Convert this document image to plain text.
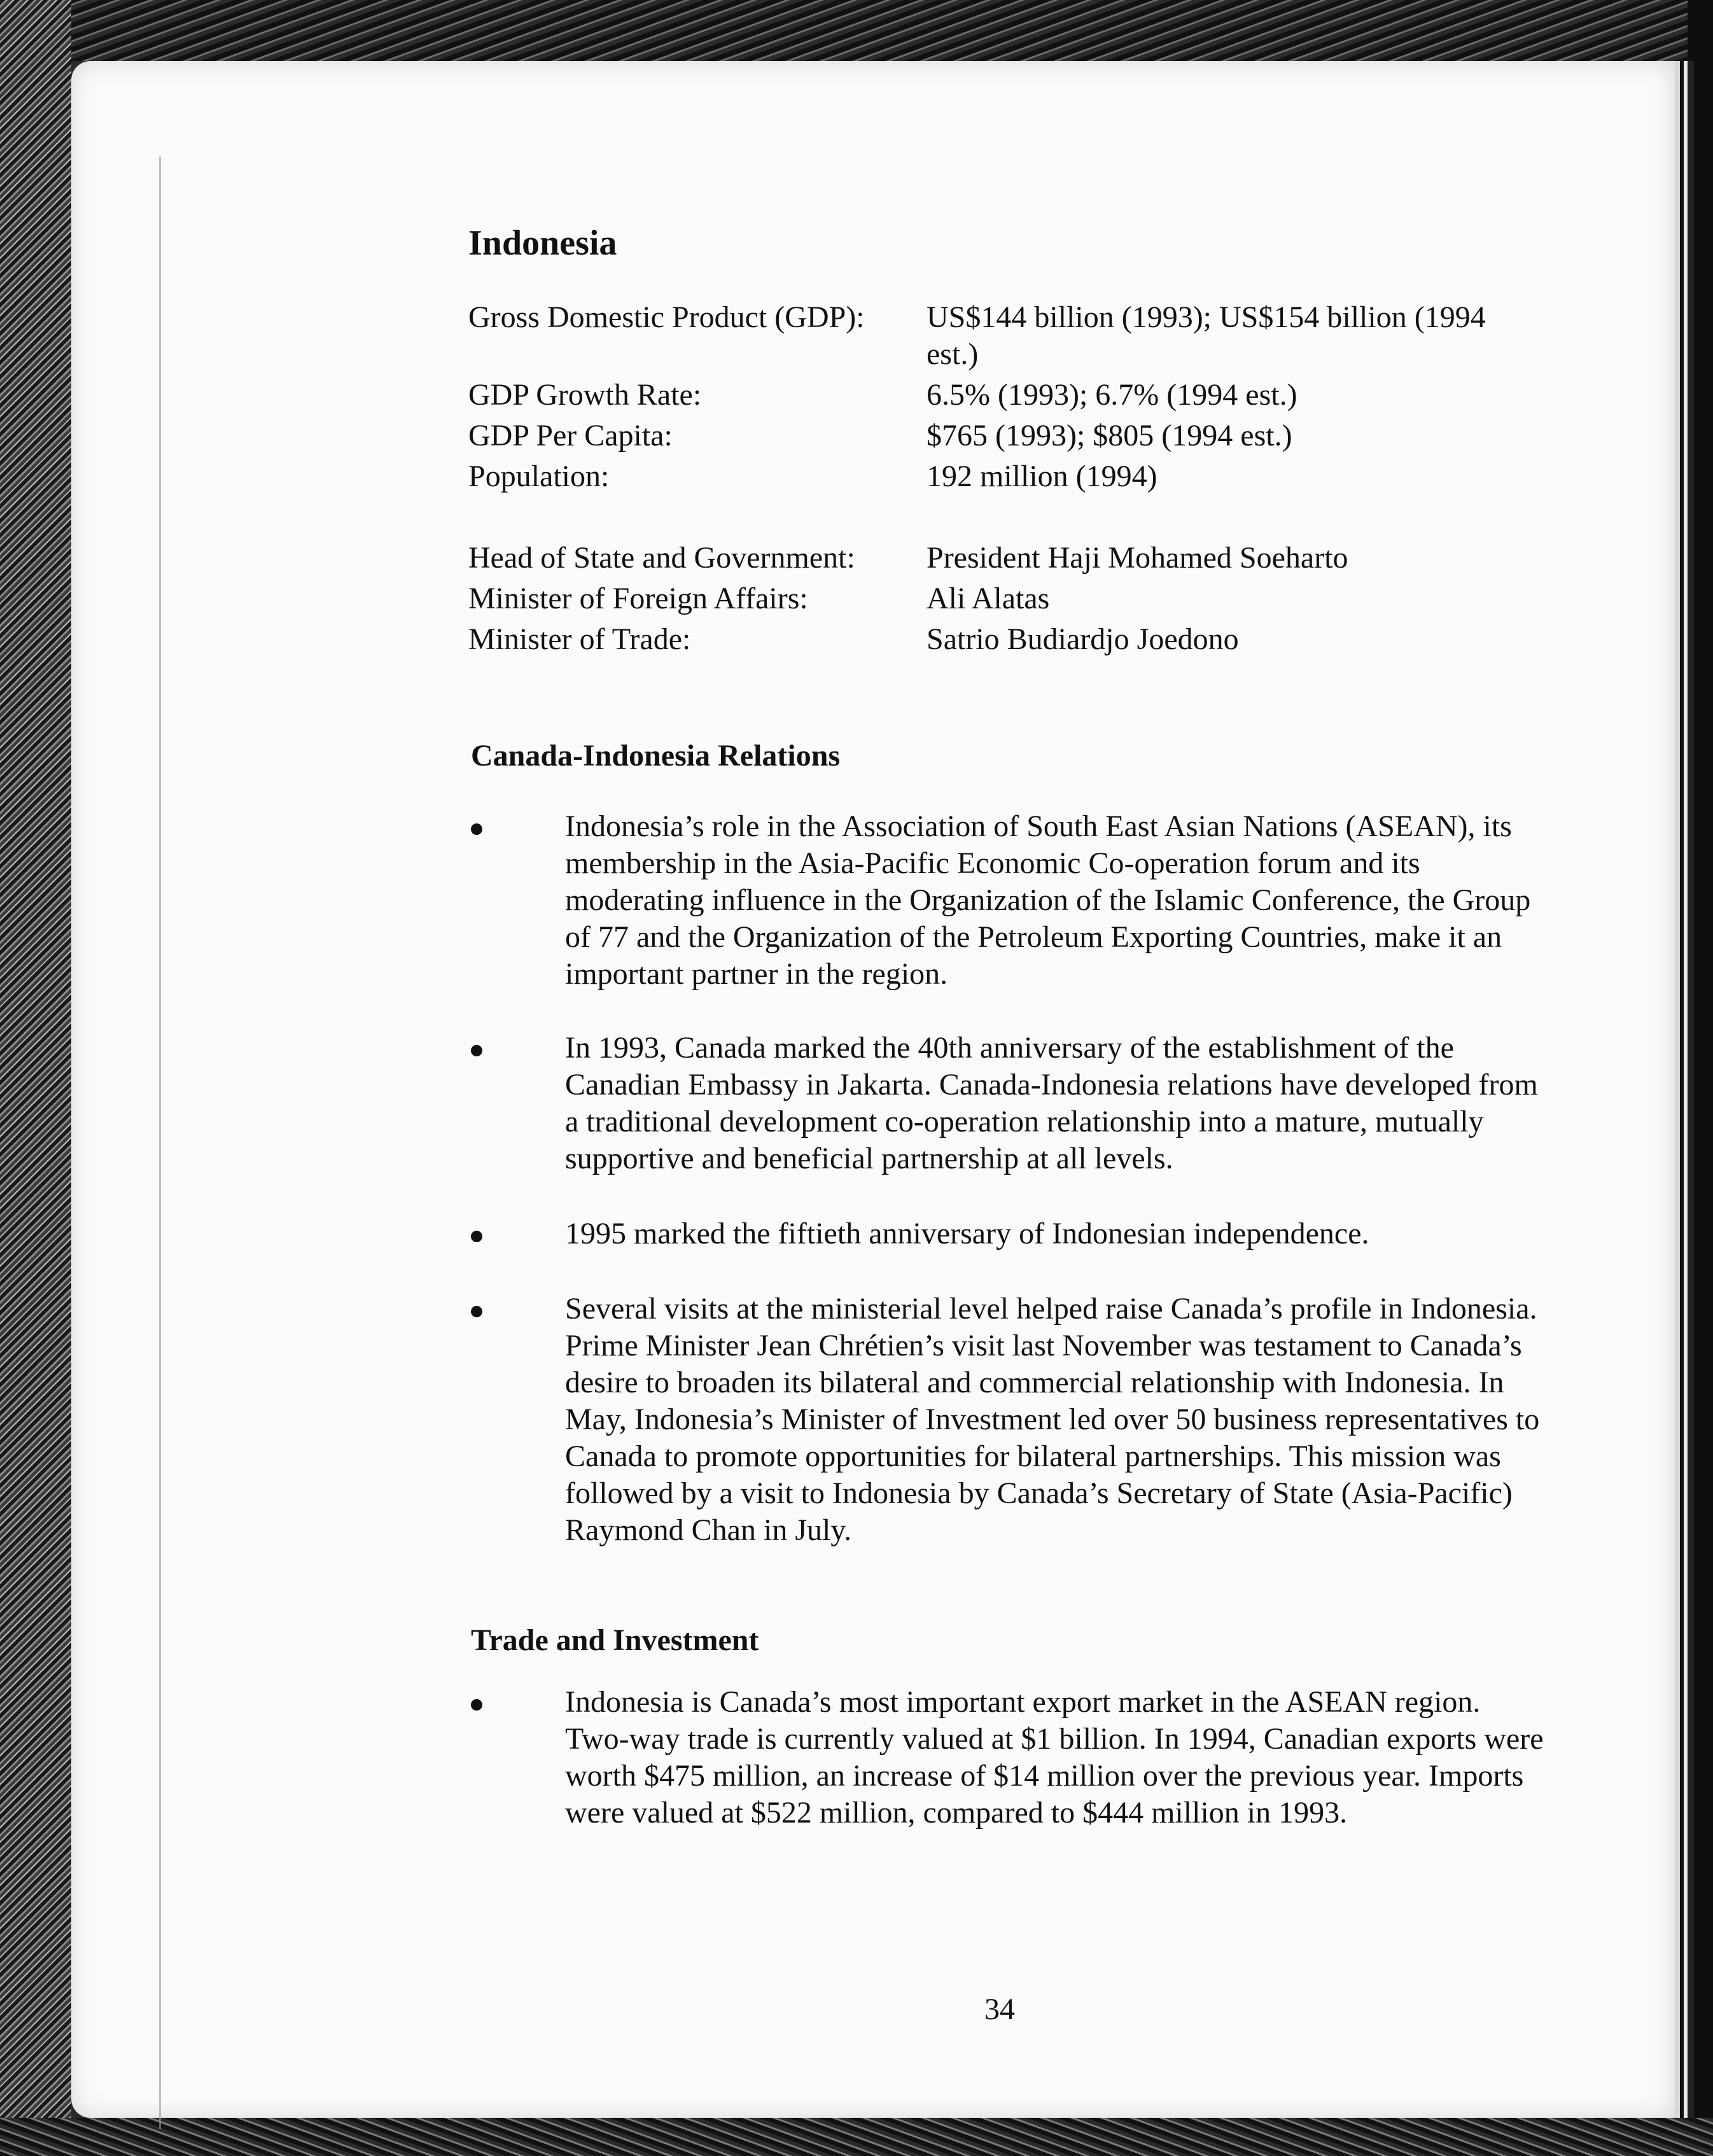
Indonesia
Gross Domestic Product (GDP):	US$144 billion (1993); US$154 billion (1994 est.)
GDP Growth Rate:	6.5% (1993); 6.7% (1994 est.)
GDP Per Capita:	$765 (1993); $805 (1994 est.)
Population:	192 million (1994)
Head of State and Government:	President Haji Mohamed Soeharto
Minister of Foreign Affairs:	Ali Alatas
Minister of Trade:	Satrio Budiardjo Joedono
Canada-Indonesia Relations
Indonesia’s role in the Association of South East Asian Nations (ASEAN), its membership in the Asia-Pacific Economic Co-operation forum and its moderating influence in the Organization of the Islamic Conference, the Group of 77 and the Organization of the Petroleum Exporting Countries, make it an important partner in the region.
In 1993, Canada marked the 40th anniversary of the establishment of the Canadian Embassy in Jakarta. Canada-Indonesia relations have developed from a traditional development co-operation relationship into a mature, mutually supportive and beneficial partnership at all levels.
1995 marked the fiftieth anniversary of Indonesian independence.
Several visits at the ministerial level helped raise Canada’s profile in Indonesia. Prime Minister Jean Chrétien’s visit last November was testament to Canada’s desire to broaden its bilateral and commercial relationship with Indonesia. In May, Indonesia’s Minister of Investment led over 50 business representatives to Canada to promote opportunities for bilateral partnerships. This mission was followed by a visit to Indonesia by Canada’s Secretary of State (Asia-Pacific) Raymond Chan in July.
Trade and Investment
Indonesia is Canada’s most important export market in the ASEAN region. Two-way trade is currently valued at $1 billion. In 1994, Canadian exports were worth $475 million, an increase of $14 million over the previous year. Imports were valued at $522 million, compared to $444 million in 1993.
34
